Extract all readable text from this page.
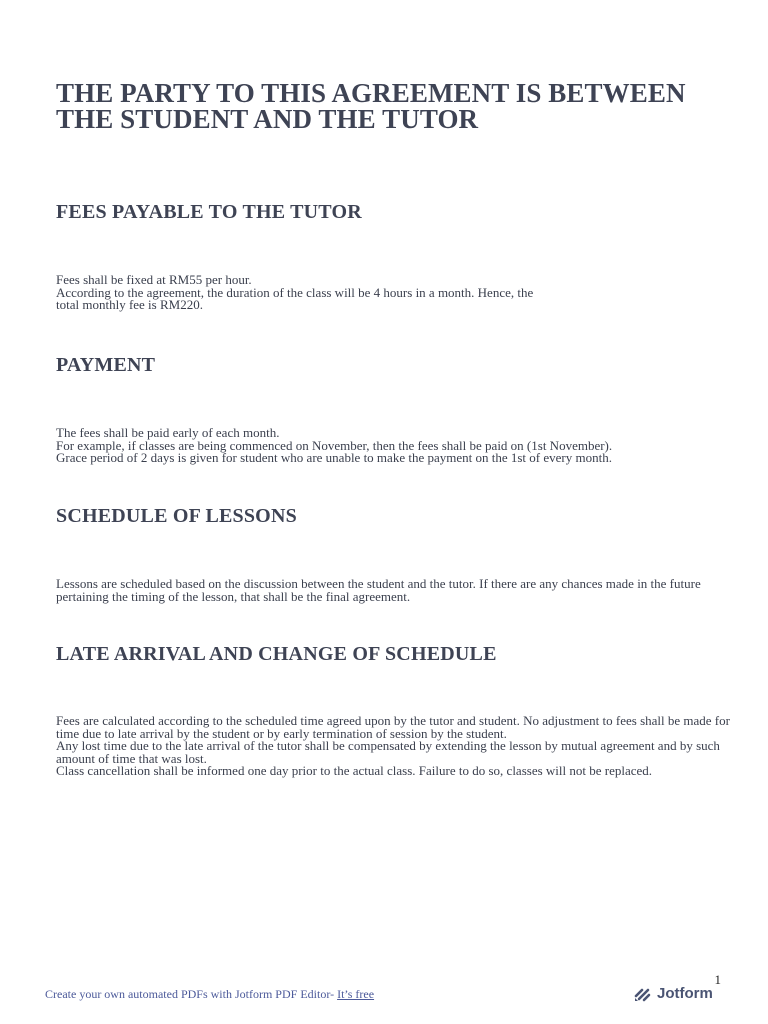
THE PARTY TO THIS AGREEMENT IS BETWEEN THE STUDENT AND THE TUTOR
FEES PAYABLE TO THE TUTOR

Fees shall be fixed at RM55 per hour.

According to the agreement, the duration of the class will be 4 hours in a month. Hence, the total monthly fee is RM220.

PAYMENT

The fees shall be paid early of each month.

For example, if classes are being commenced on November, then the fees shall be paid on (1st November).

Grace period of 2 days is given for student who are unable to make the payment on the 1st of every month.

SCHEDULE OF LESSONS

Lessons are scheduled based on the discussion between the student and the tutor. If there are any chances made in the future pertaining the timing of the lesson, that shall be the final agreement.

LATE ARRIVAL AND CHANGE OF SCHEDULE

Fees are calculated according to the scheduled time agreed upon by the tutor and student. No adjustment to fees shall be made for time due to late arrival by the student or by early termination of session by the student.

Any lost time due to the late arrival of the tutor shall be compensated by extending the lesson by mutual agreement and by such amount of time that was lost.

Class cancellation shall be informed one day prior to the actual class. Failure to do so, classes will not be replaced.

1
Create your own automated PDFs with Jotform PDF Editor- It’s free	Jotform
